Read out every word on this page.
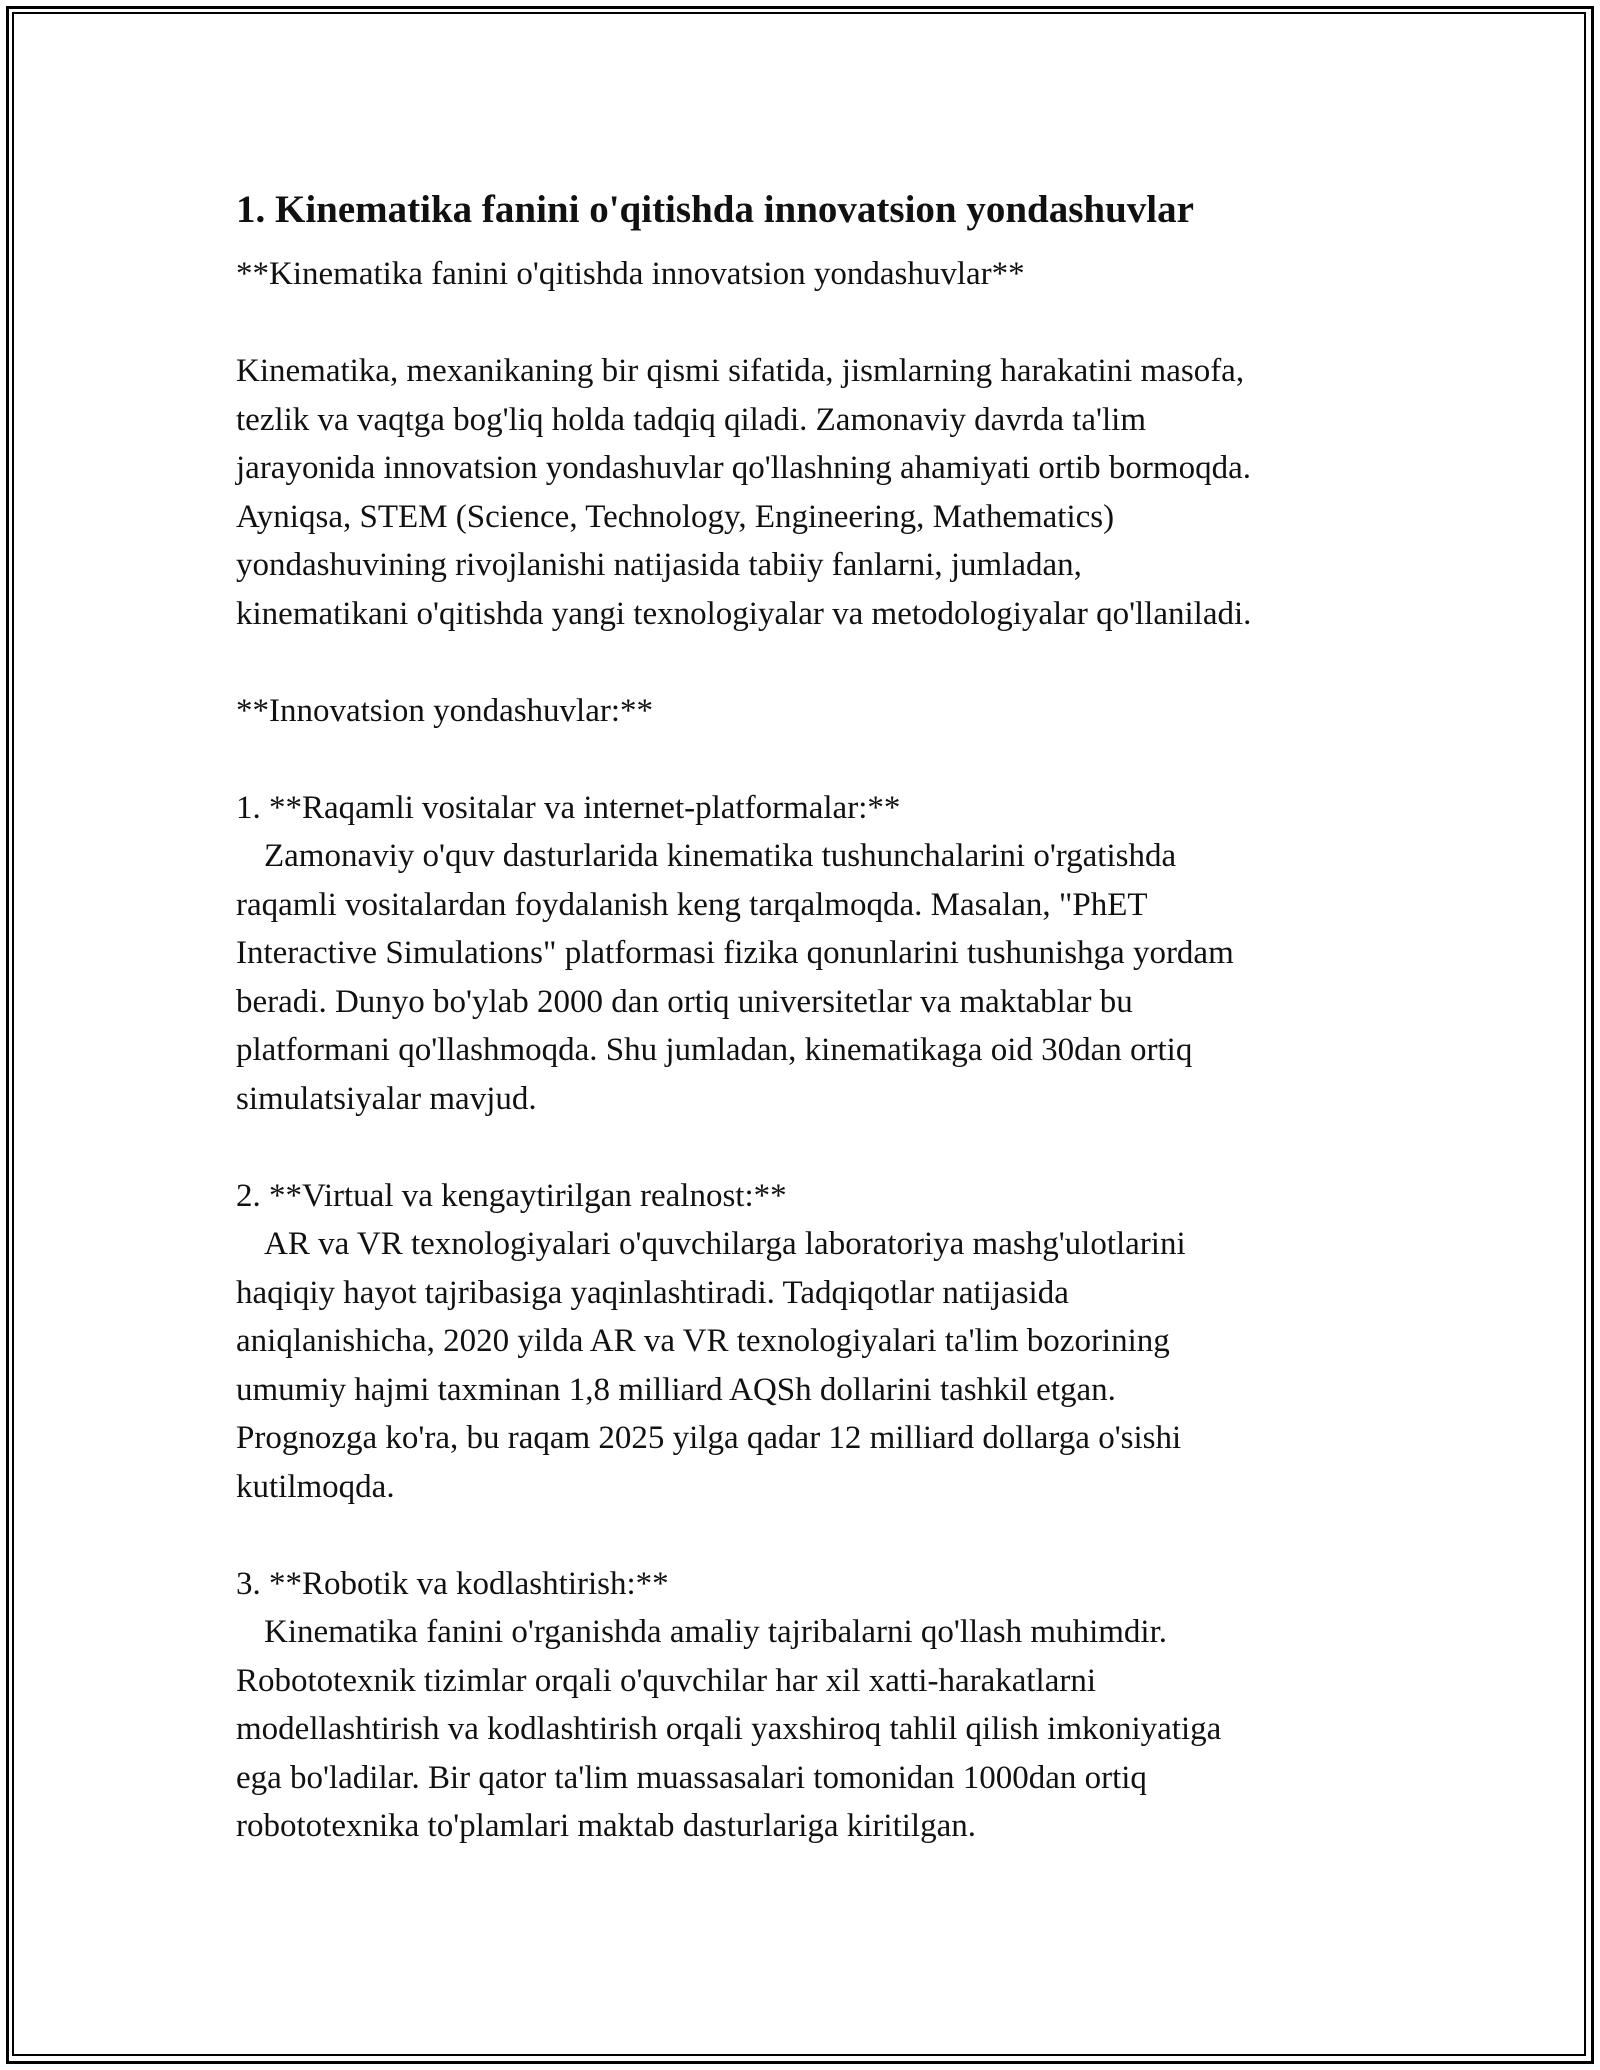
1. Kinematika fanini o'qitishda innovatsion yondashuvlar
**Kinematika fanini o'qitishda innovatsion yondashuvlar**
Kinematika, mexanikaning bir qismi sifatida, jismlarning harakatini masofa,
tezlik va vaqtga bog'liq holda tadqiq qiladi. Zamonaviy davrda ta'lim
jarayonida innovatsion yondashuvlar qo'llashning ahamiyati ortib bormoqda.
Ayniqsa, STEM (Science, Technology, Engineering, Mathematics)
yondashuvining rivojlanishi natijasida tabiiy fanlarni, jumladan,
kinematikani o'qitishda yangi texnologiyalar va metodologiyalar qo'llaniladi.
**Innovatsion yondashuvlar:**
1. **Raqamli vositalar va internet-platformalar:**
Zamonaviy o'quv dasturlarida kinematika tushunchalarini o'rgatishda
raqamli vositalardan foydalanish keng tarqalmoqda. Masalan, "PhET
Interactive Simulations" platformasi fizika qonunlarini tushunishga yordam
beradi. Dunyo bo'ylab 2000 dan ortiq universitetlar va maktablar bu
platformani qo'llashmoqda. Shu jumladan, kinematikaga oid 30dan ortiq
simulatsiyalar mavjud.
2. **Virtual va kengaytirilgan realnost:**
AR va VR texnologiyalari o'quvchilarga laboratoriya mashg'ulotlarini
haqiqiy hayot tajribasiga yaqinlashtiradi. Tadqiqotlar natijasida
aniqlanishicha, 2020 yilda AR va VR texnologiyalari ta'lim bozorining
umumiy hajmi taxminan 1,8 milliard AQSh dollarini tashkil etgan.
Prognozga ko'ra, bu raqam 2025 yilga qadar 12 milliard dollarga o'sishi
kutilmoqda.
3. **Robotik va kodlashtirish:**
Kinematika fanini o'rganishda amaliy tajribalarni qo'llash muhimdir.
Robototexnik tizimlar orqali o'quvchilar har xil xatti-harakatlarni
modellashtirish va kodlashtirish orqali yaxshiroq tahlil qilish imkoniyatiga
ega bo'ladilar. Bir qator ta'lim muassasalari tomonidan 1000dan ortiq
robototexnika to'plamlari maktab dasturlariga kiritilgan.
